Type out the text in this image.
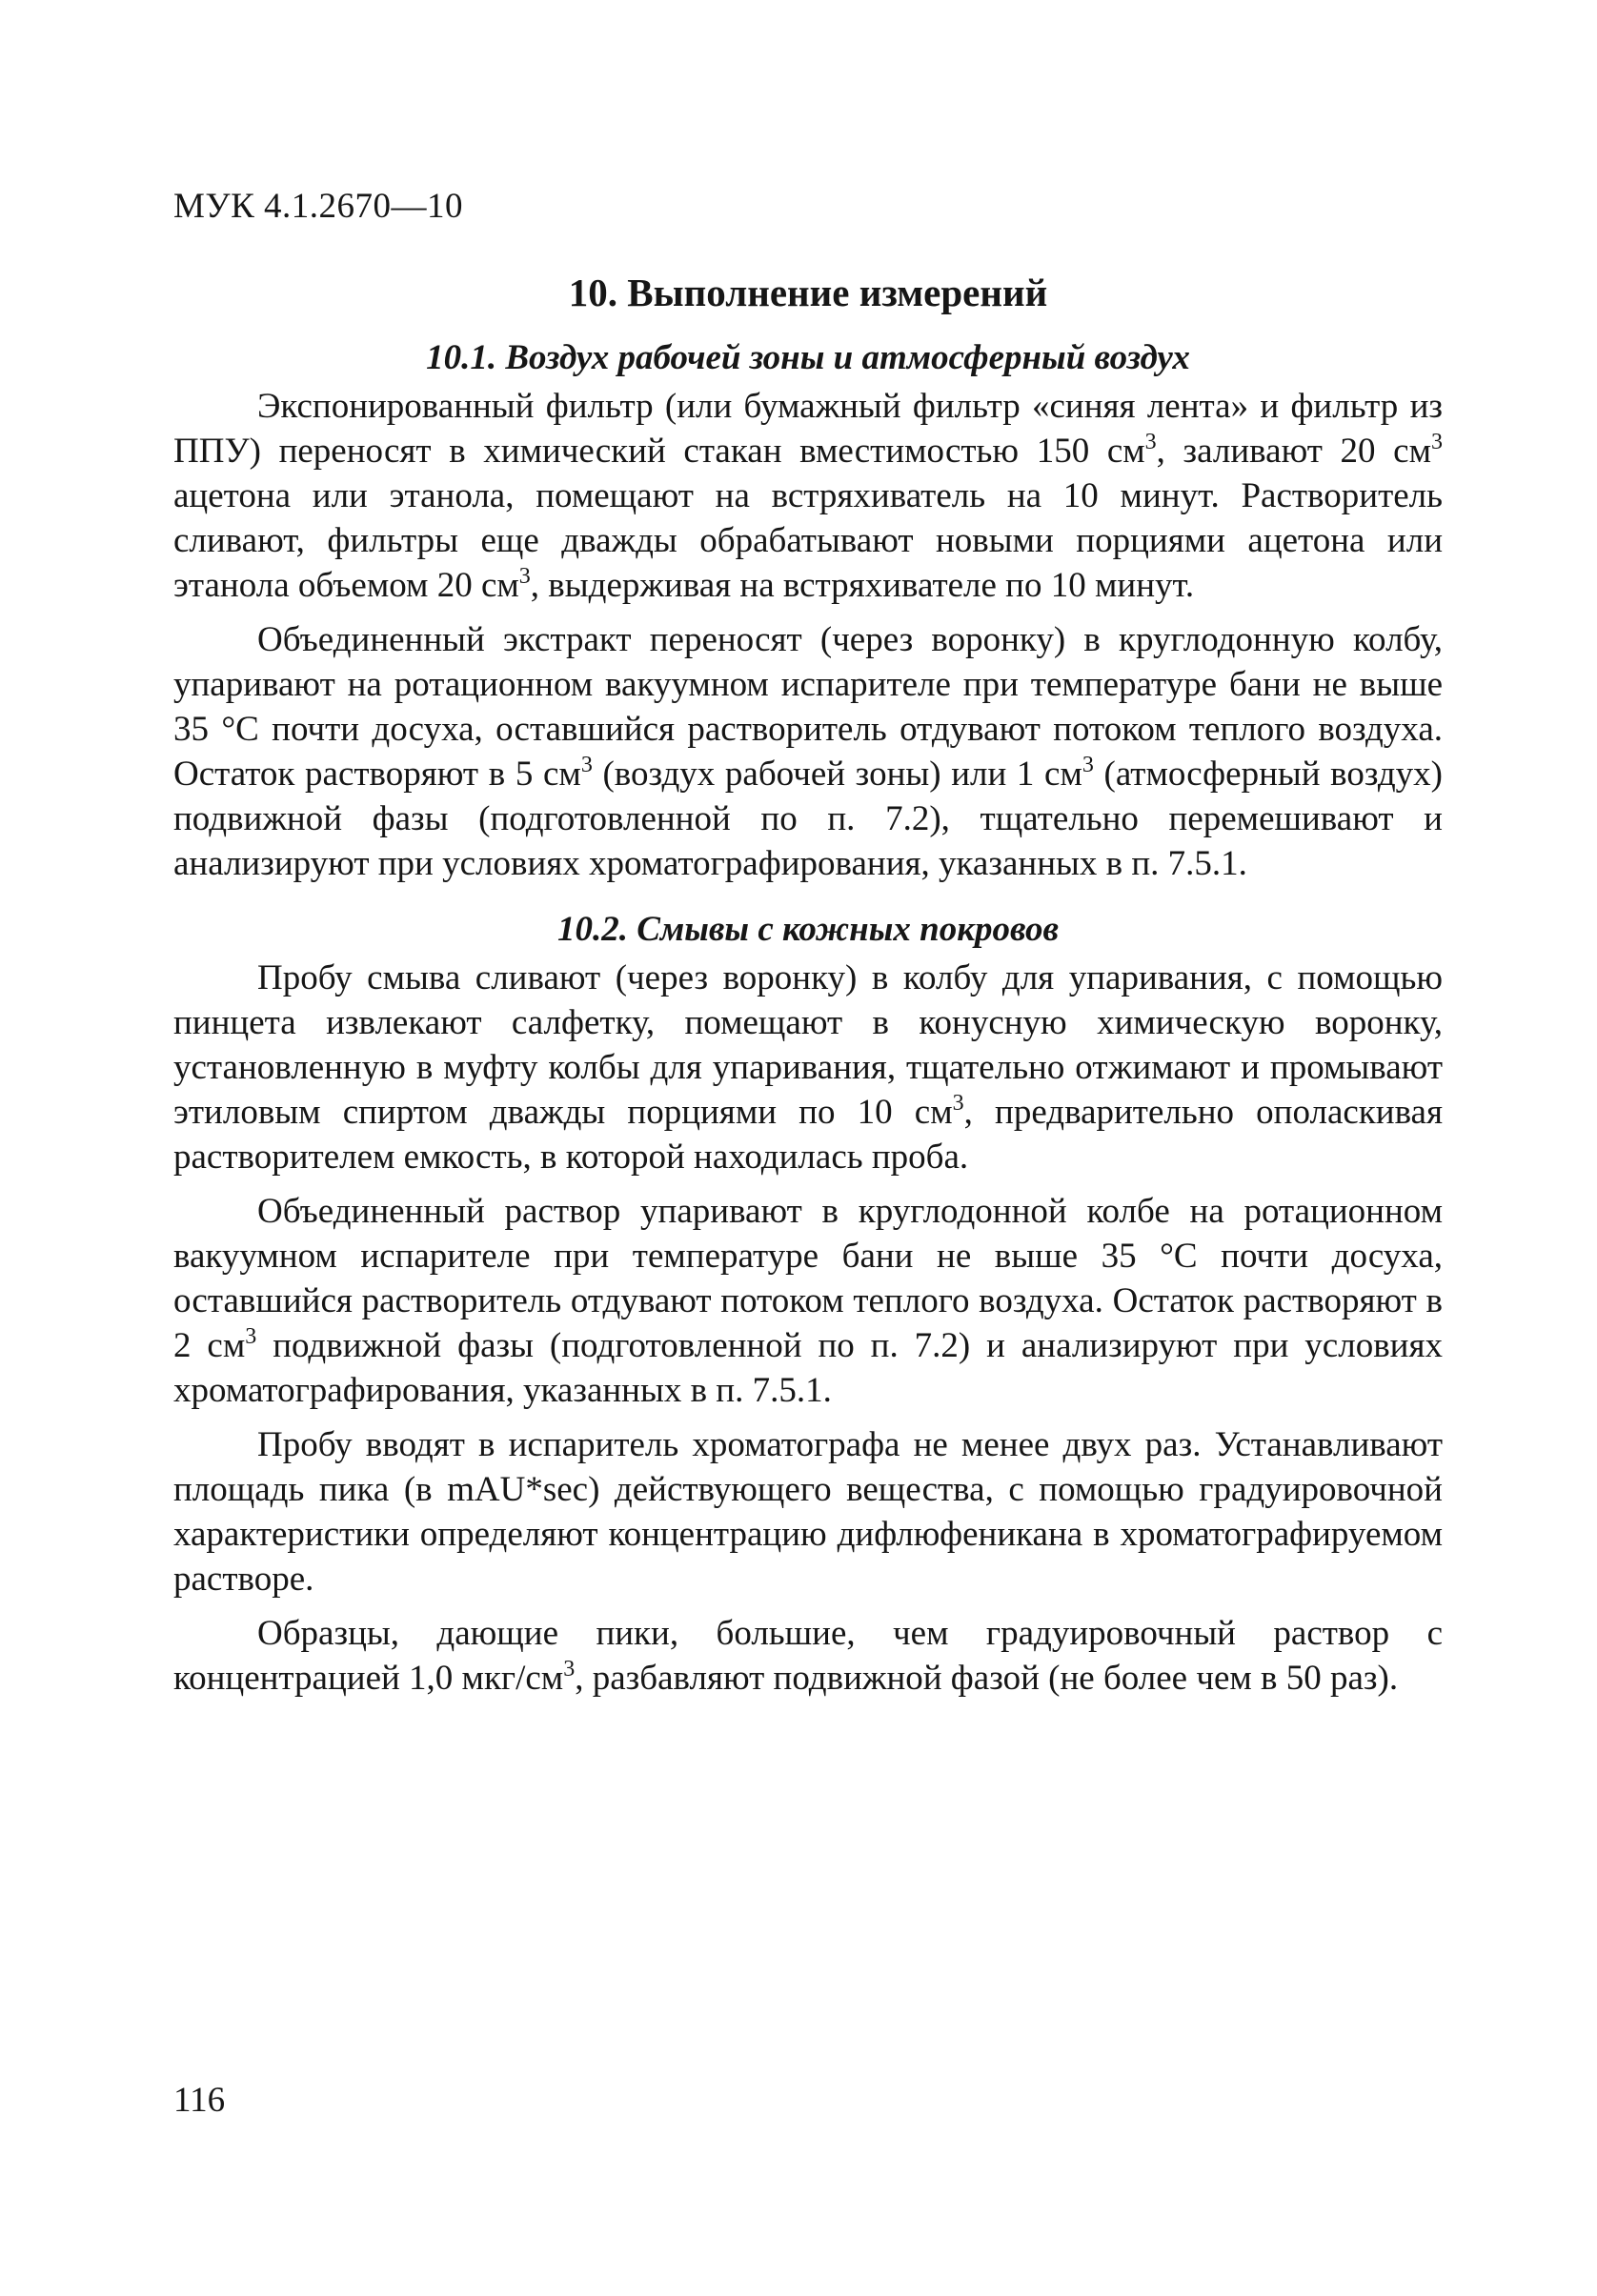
МУК 4.1.2670—10

10. Выполнение измерений
10.1. Воздух рабочей зоны и атмосферный воздух

Экспонированный фильтр (или бумажный фильтр «синяя лента» и фильтр из ППУ) переносят в химический стакан вместимостью 150 $см^3$, заливают 20 $см^3$ ацетона или этанола, помещают на встряхиватель на 10 минут. Растворитель сливают, фильтры еще дважды обрабатывают новыми порциями ацетона или этанола объемом 20 $см^3$, выдерживая на встряхивателе по 10 минут.

Объединенный экстракт переносят (через воронку) в круглодонную колбу, упаривают на ротационном вакуумном испарителе при температуре бани не выше 35 °C почти досуха, оставшийся растворитель отдувают потоком теплого воздуха. Остаток растворяют в 5 $см^3$ (воздух рабочей зоны) или 1 $см^3$ (атмосферный воздух) подвижной фазы (подготовленной по п. 7.2), тщательно перемешивают и анализируют при условиях хроматографирования, указанных в п. 7.5.1.

10.2. Смывы с кожных покровов

Пробу смыва сливают (через воронку) в колбу для упаривания, с помощью пинцета извлекают салфетку, помещают в конусную химическую воронку, установленную в муфту колбы для упаривания, тщательно отжимают и промывают этиловым спиртом дважды порциями по 10 $см^3$, предварительно ополаскивая растворителем емкость, в которой находилась проба.

Объединенный раствор упаривают в круглодонной колбе на ротационном вакуумном испарителе при температуре бани не выше 35 °C почти досуха, оставшийся растворитель отдувают потоком теплого воздуха. Остаток растворяют в 2 $см^3$ подвижной фазы (подготовленной по п. 7.2) и анализируют при условиях хроматографирования, указанных в п. 7.5.1.

Пробу вводят в испаритель хроматографа не менее двух раз. Устанавливают площадь пика (в mAU*sec) действующего вещества, с помощью градуировочной характеристики определяют концентрацию дифлюфеникана в хроматографируемом растворе.

Образцы, дающие пики, большие, чем градуировочный раствор с концентрацией 1,0 мкг/$см^3$, разбавляют подвижной фазой (не более чем в 50 раз).

116
